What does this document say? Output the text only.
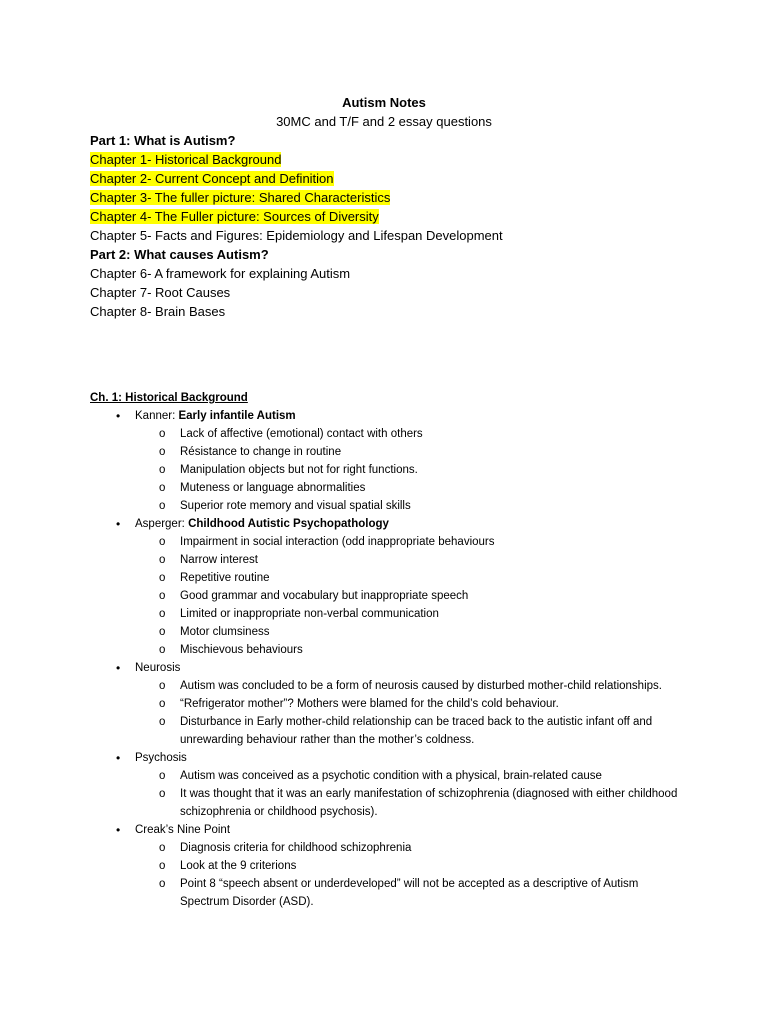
Autism Notes
30MC and T/F and 2 essay questions
Part 1: What is Autism?
Chapter 1- Historical Background
Chapter 2- Current Concept and Definition
Chapter 3- The fuller picture: Shared Characteristics
Chapter 4- The Fuller picture: Sources of Diversity
Chapter 5- Facts and Figures: Epidemiology and Lifespan Development
Part 2: What causes Autism?
Chapter 6- A framework for explaining Autism
Chapter 7- Root Causes
Chapter 8- Brain Bases
Ch. 1: Historical Background
• Kanner: Early infantile Autism
o Lack of affective (emotional) contact with others
o Résistance to change in routine
o Manipulation objects but not for right functions.
o Muteness or language abnormalities
o Superior rote memory and visual spatial skills
• Asperger: Childhood Autistic Psychopathology
o Impairment in social interaction (odd inappropriate behaviours
o Narrow interest
o Repetitive routine
o Good grammar and vocabulary but inappropriate speech
o Limited or inappropriate non-verbal communication
o Motor clumsiness
o Mischievous behaviours
• Neurosis
o Autism was concluded to be a form of neurosis caused by disturbed mother-child relationships.
o “Refrigerator mother”? Mothers were blamed for the child’s cold behaviour.
o Disturbance in Early mother-child relationship can be traced back to the autistic infant off and unrewarding behaviour rather than the mother’s coldness.
• Psychosis
o Autism was conceived as a psychotic condition with a physical, brain-related cause
o It was thought that it was an early manifestation of schizophrenia (diagnosed with either childhood schizophrenia or childhood psychosis).
• Creak’s Nine Point
o Diagnosis criteria for childhood schizophrenia
o Look at the 9 criterions
o Point 8 “speech absent or underdeveloped” will not be accepted as a descriptive of Autism Spectrum Disorder (ASD).
